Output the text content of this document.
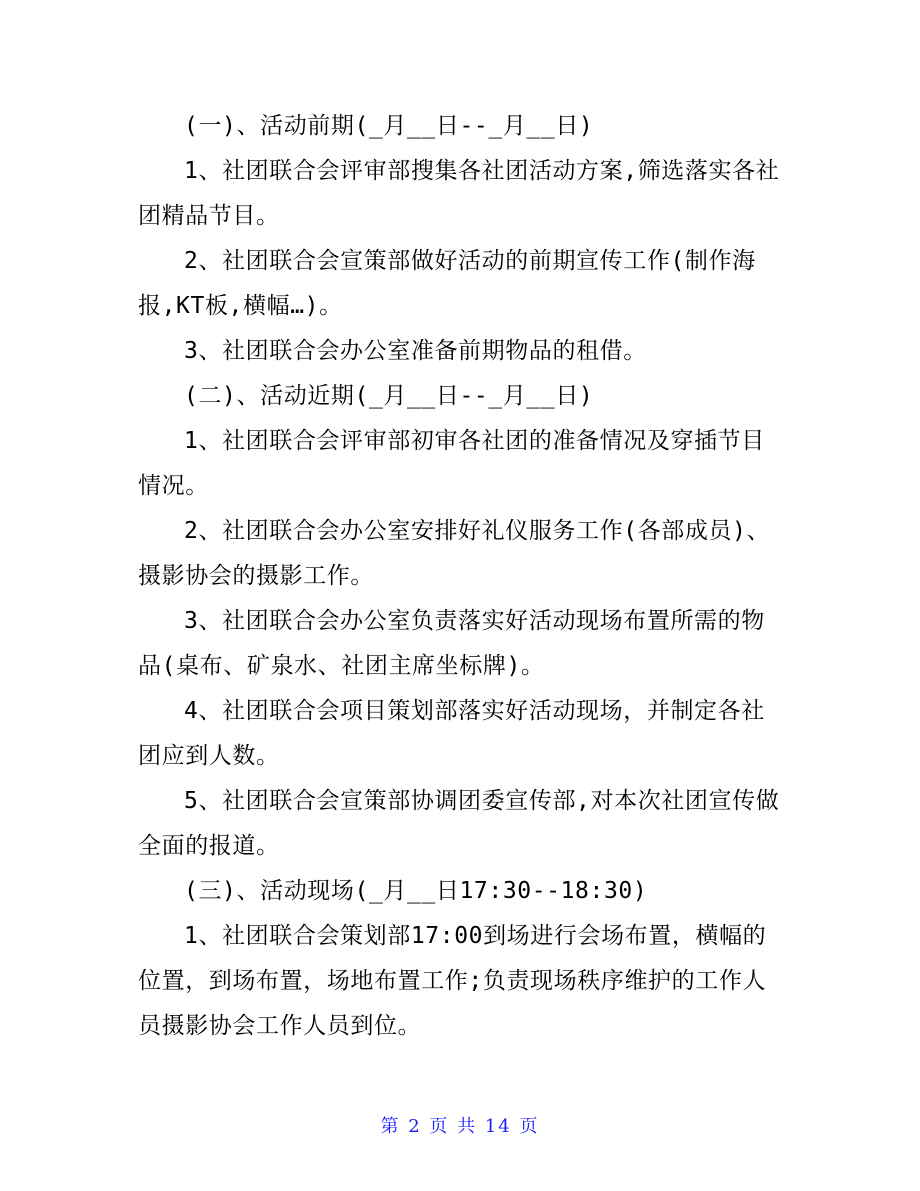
(一)、活动前期(_月__日--_月__日)

1、社团联合会评审部搜集各社团活动方案,筛选落实各社团精品节目。

2、社团联合会宣策部做好活动的前期宣传工作(制作海报,KT板,横幅…)。

3、社团联合会办公室准备前期物品的租借。

(二)、活动近期(_月__日--_月__日)

1、社团联合会评审部初审各社团的准备情况及穿插节目情况。

2、社团联合会办公室安排好礼仪服务工作(各部成员)、摄影协会的摄影工作。

3、社团联合会办公室负责落实好活动现场布置所需的物品(桌布、矿泉水、社团主席坐标牌)。

4、社团联合会项目策划部落实好活动现场，并制定各社团应到人数。

5、社团联合会宣策部协调团委宣传部,对本次社团宣传做全面的报道。

(三)、活动现场(_月__日17:30--18:30)

1、社团联合会策划部17:00到场进行会场布置，横幅的位置，到场布置，场地布置工作;负责现场秩序维护的工作人员摄影协会工作人员到位。

第 2 页 共 14 页
